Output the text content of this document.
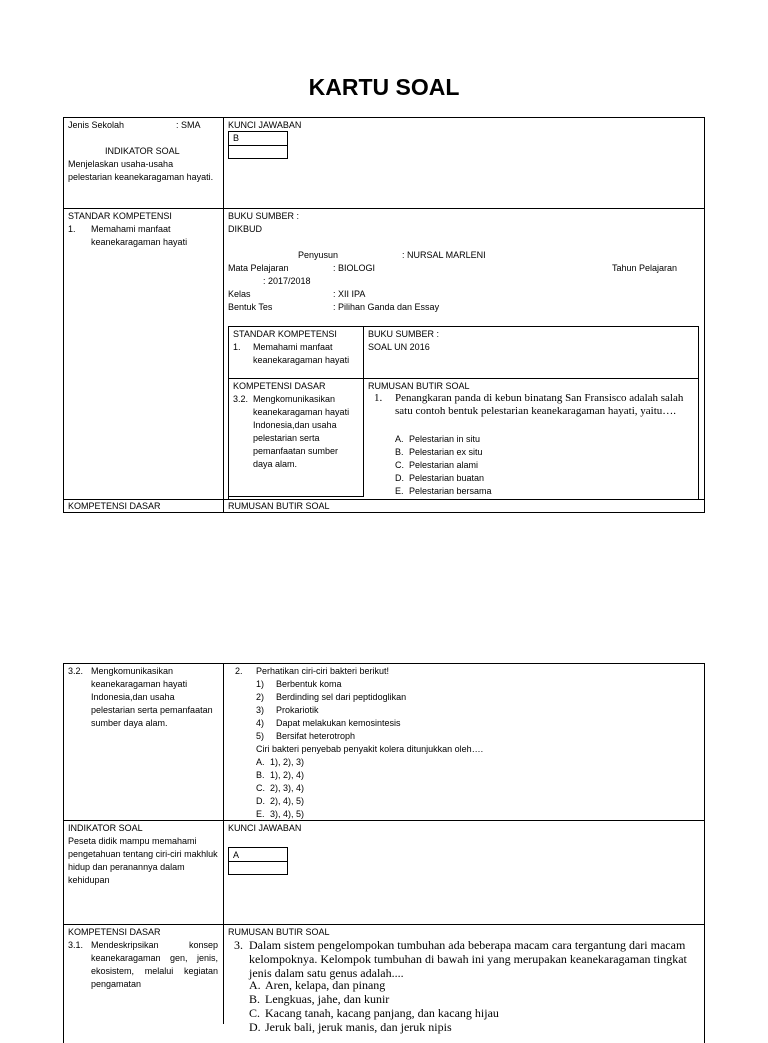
KARTU SOAL
Jenis Sekolah	: SMA
INDIKATOR SOAL
Menjelaskan usaha-usaha pelestarian keanekaragaman hayati.
KUNCI JAWABAN
B
STANDAR KOMPETENSI
1. Memahami manfaat keanekaragaman hayati
BUKU SUMBER :
DIKBUD
Penyusun	: NURSAL MARLENI
Mata Pelajaran	: BIOLOGI	Tahun Pelajaran
: 2017/2018
Kelas	: XII IPA
Bentuk Tes	: Pilihan Ganda dan Essay
STANDAR KOMPETENSI
1. Memahami manfaat keanekaragaman hayati
BUKU SUMBER :
SOAL UN 2016
KOMPETENSI DASAR
3.2. Mengkomunikasikan keanekaragaman hayati Indonesia,dan usaha pelestarian serta pemanfaatan sumber daya alam.
RUMUSAN BUTIR SOAL
1. Penangkaran panda di kebun binatang San Fransisco adalah salah satu contoh bentuk pelestarian keanekaragaman hayati, yaitu….
A. Pelestarian in situ
B. Pelestarian ex situ
C. Pelestarian alami
D. Pelestarian buatan
E. Pelestarian bersama
KOMPETENSI DASAR	RUMUSAN BUTIR SOAL
3.2. Mengkomunikasikan keanekaragaman hayati Indonesia,dan usaha pelestarian serta pemanfaatan sumber daya alam.
2. Perhatikan ciri-ciri bakteri berikut!
1)	Berbentuk koma
2)	Berdinding sel dari peptidoglikan
3)	Prokariotik
4)	Dapat melakukan kemosintesis
5)	Bersifat heterotroph
Ciri bakteri penyebab penyakit kolera ditunjukkan oleh….
A. 1), 2), 3)
B. 1), 2), 4)
C. 2), 3), 4)
D. 2), 4), 5)
E. 3), 4), 5)
INDIKATOR SOAL
Peseta didik mampu memahami pengetahuan tentang ciri-ciri makhluk hidup dan peranannya dalam kehidupan
KUNCI JAWABAN
A
KOMPETENSI DASAR
3.1. Mendeskripsikan konsep keanekaragaman gen, jenis, ekosistem, melalui kegiatan pengamatan
RUMUSAN BUTIR SOAL
3. Dalam sistem pengelompokan tumbuhan ada beberapa macam cara tergantung dari macam kelompoknya. Kelompok tumbuhan di bawah ini yang merupakan keanekaragaman tingkat jenis dalam satu genus adalah....
A. Aren, kelapa, dan pinang
B. Lengkuas, jahe, dan kunir
C. Kacang tanah, kacang panjang, dan kacang hijau
D. Jeruk bali, jeruk manis, dan jeruk nipis
